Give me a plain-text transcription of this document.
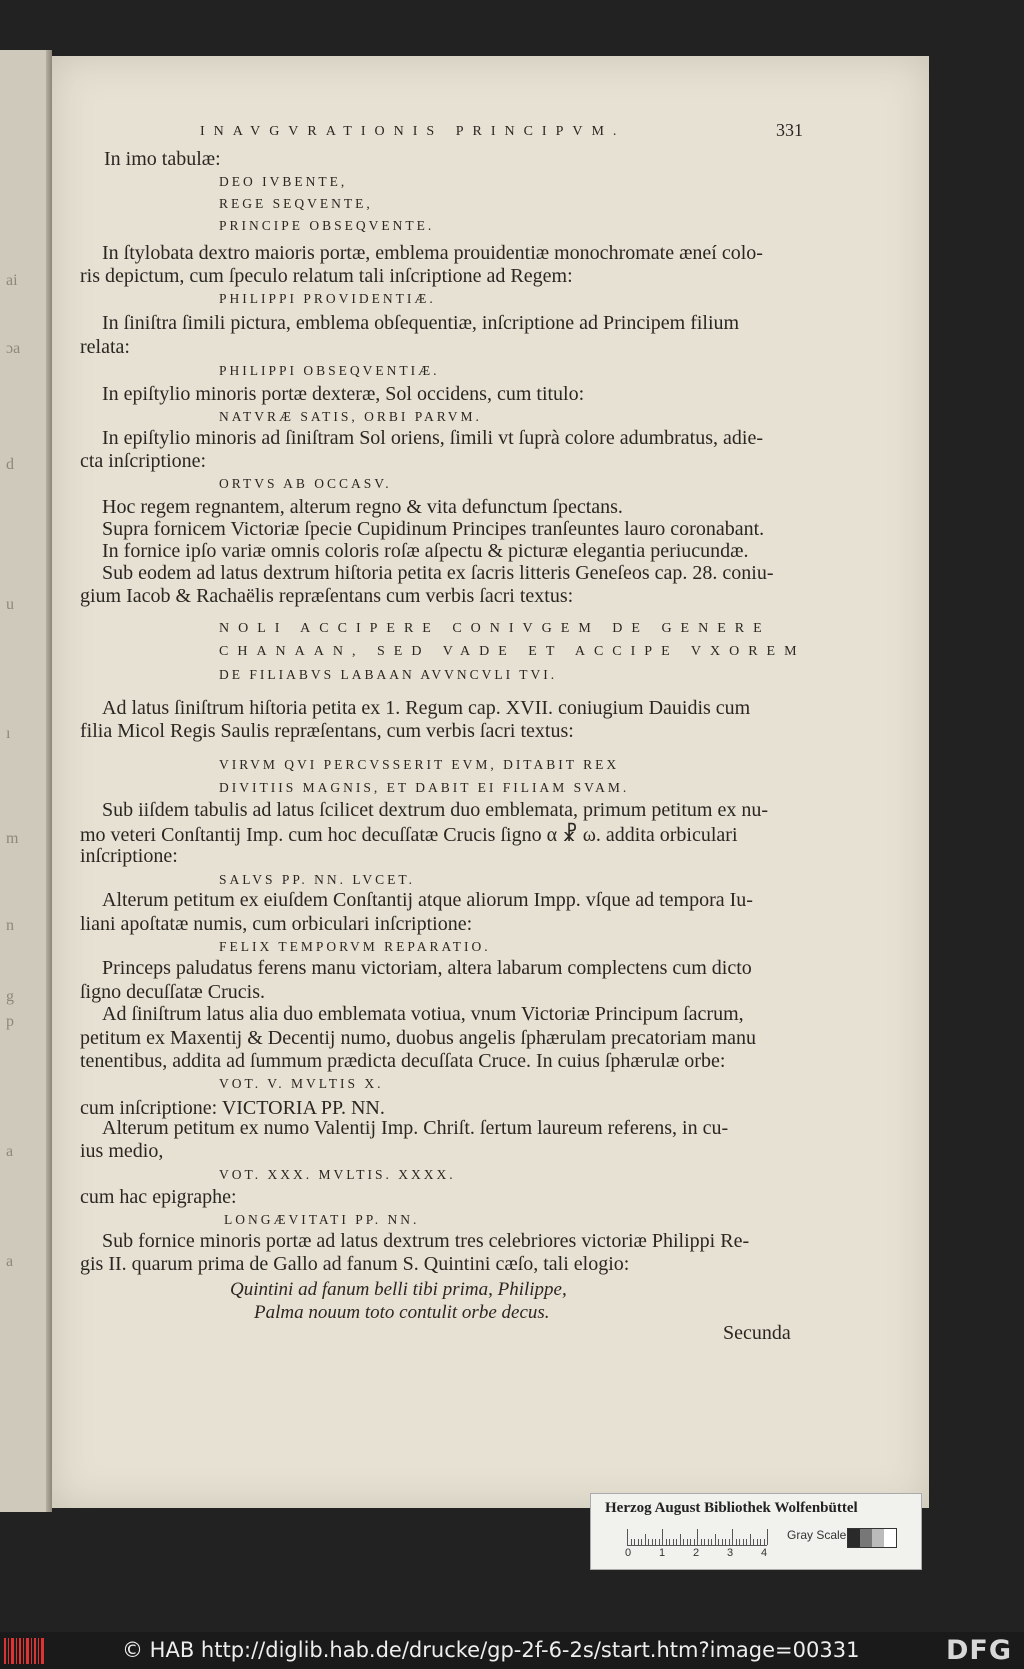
ai
ɔa
d
u
ı
m
n
g
p
a
a
INAVGVRATIONIS PRINCIPVM.	331
In imo tabulæ:
DEO IVBENTE,
REGE SEQVENTE,
PRINCIPE OBSEQVENTE.
In ſtylobata dextro maioris portæ, emblema prouidentiæ monochromate æneí colo-
ris depictum, cum ſpeculo relatum tali inſcriptione ad Regem:
PHILIPPI PROVIDENTIÆ.
In ſiniſtra ſimili pictura, emblema obſequentiæ, inſcriptione ad Principem filium
relata:
PHILIPPI OBSEQVENTIÆ.
In epiſtylio minoris portæ dexteræ, Sol occidens, cum titulo:
NATVRÆ SATIS, ORBI PARVM.
In epiſtylio minoris ad ſiniſtram Sol oriens, ſimili vt ſuprà colore adumbratus, adie-
cta inſcriptione:
ORTVS AB OCCASV.
Hoc regem regnantem, alterum regno & vita defunctum ſpectans.
Supra fornicem Victoriæ ſpecie Cupidinum Principes tranſeuntes lauro coronabant.
In fornice ipſo variæ omnis coloris roſæ aſpectu & picturæ elegantia periucundæ.
Sub eodem ad latus dextrum hiſtoria petita ex ſacris litteris Geneſeos cap. 28. coniu-
gium Iacob & Rachaëlis repræſentans cum verbis ſacri textus:
NOLI ACCIPERE CONIVGEM DE GENERE
CHANAAN, SED VADE ET ACCIPE VXOREM
DE FILIABVS LABAAN AVVNCVLI TVI.
Ad latus ſiniſtrum hiſtoria petita ex 1. Regum cap. XVII. coniugium Dauidis cum
filia Micol Regis Saulis repræſentans, cum verbis ſacri textus:
VIRVM QVI PERCVSSERIT EVM, DITABIT REX
DIVITIIS MAGNIS, ET DABIT EI FILIAM SVAM.
Sub iiſdem tabulis ad latus ſcilicet dextrum duo emblemata, primum petitum ex nu-
mo veteri Conſtantij Imp. cum hoc decuſſatæ Crucis ſigno α ☧ ω. addita orbiculari
inſcriptione:
SALVS PP. NN. LVCET.
Alterum petitum ex eiuſdem Conſtantij atque aliorum Impp. vſque ad tempora Iu-
liani apoſtatæ numis, cum orbiculari inſcriptione:
FELIX TEMPORVM REPARATIO.
Princeps paludatus ferens manu victoriam, altera labarum complectens cum dicto
ſigno decuſſatæ Crucis.
Ad ſiniſtrum latus alia duo emblemata votiua, vnum Victoriæ Principum ſacrum,
petitum ex Maxentij & Decentij numo, duobus angelis ſphærulam precatoriam manu
tenentibus, addita ad ſummum prædicta decuſſata Cruce. In cuius ſphærulæ orbe:
VOT. V. MVLTIS X.
cum inſcriptione: VICTORIA PP. NN.
Alterum petitum ex numo Valentij Imp. Chriſt. ſertum laureum referens, in cu-
ius medio,
VOT. XXX. MVLTIS. XXXX.
cum hac epigraphe:
LONGÆVITATI PP. NN.
Sub fornice minoris portæ ad latus dextrum tres celebriores victoriæ Philippi Re-
gis II. quarum prima de Gallo ad fanum S. Quintini cæſo, tali elogio:
Quintini ad fanum belli tibi prima, Philippe,
Palma nouum toto contulit orbe decus.
Secunda
Herzog August Bibliothek Wolfenbüttel
0	1	2	3	4
Gray Scale
© HAB http://diglib.hab.de/drucke/gp-2f-6-2s/start.htm?image=00331	DFG
